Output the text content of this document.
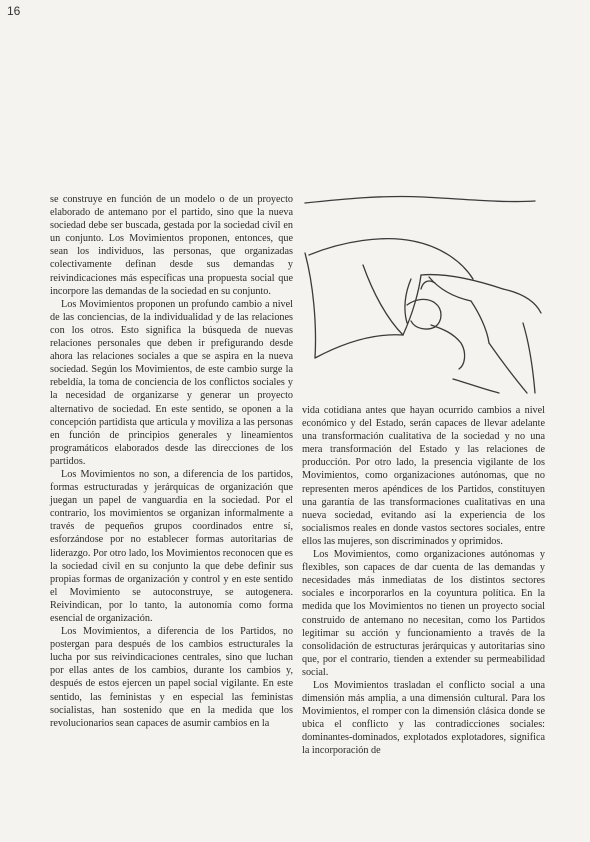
16

se construye en función de un modelo o de un proyecto elaborado de antemano por el partido, sino que la nueva sociedad debe ser buscada, gestada por la sociedad civil en un conjunto. Los Movimientos proponen, entonces, que sean los individuos, las personas, que organizadas colectivamente definan desde sus demandas y reivindicaciones más específicas una propuesta social que incorpore las demandas de la sociedad en su conjunto.

Los Movimientos proponen un profundo cambio a nivel de las conciencias, de la individualidad y de las relaciones con los otros. Esto significa la búsqueda de nuevas relaciones personales que deben ir prefigurando desde ahora las relaciones sociales a que se aspira en la nueva sociedad. Según los Movimientos, de este cambio surge la rebeldía, la toma de conciencia de los conflictos sociales y la necesidad de organizarse y generar un proyecto alternativo de sociedad. En este sentido, se oponen a la concepción partidista que articula y moviliza a las personas en función de principios generales y lineamientos programáticos elaborados desde las direcciones de los partidos.

Los Movimientos no son, a diferencia de los partidos, formas estructuradas y jerárquicas de organización que juegan un papel de vanguardia en la sociedad. Por el contrario, los movimientos se organizan informalmente a través de pequeños grupos coordinados entre sí, esforzándose por no establecer formas autoritarias de liderazgo. Por otro lado, los Movimientos reconocen que es la sociedad civil en su conjunto la que debe definir sus propias formas de organización y control y en este sentido el Movimiento se autoconstruye, se autogenera. Reivindican, por lo tanto, la autonomía como forma esencial de organización.

Los Movimientos, a diferencia de los Partidos, no postergan para después de los cambios estructurales la lucha por sus reivindicaciones centrales, sino que luchan por ellas antes de los cambios, durante los cambios y, después de estos ejercen un papel social vigilante. En este sentido, las feministas y en especial las feministas socialistas, han sostenido que en la medida que los revolucionarios sean capaces de asumir cambios en la

vida cotidiana antes que hayan ocurrido cambios a nivel económico y del Estado, serán capaces de llevar adelante una transformación cualitativa de la sociedad y no una mera transformación del Estado y las relaciones de producción. Por otro lado, la presencia vigilante de los Movimientos, como organizaciones autónomas, que no representen meros apéndices de los Partidos, constituyen una garantía de las transformaciones cualitativas en una nueva sociedad, evitando así la experiencia de los socialismos reales en donde vastos sectores sociales, entre ellos las mujeres, son discriminados y oprimidos.

Los Movimientos, como organizaciones autónomas y flexibles, son capaces de dar cuenta de las demandas y necesidades más inmediatas de los distintos sectores sociales e incorporarlos en la coyuntura política. En la medida que los Movimientos no tienen un proyecto social construido de antemano no necesitan, como los Partidos legitimar su acción y funcionamiento a través de la consolidación de estructuras jerárquicas y autoritarias sino que, por el contrario, tienden a extender su permeabilidad social.

Los Movimientos trasladan el conflicto social a una dimensión más amplia, a una dimensión cultural. Para los Movimientos, el romper con la dimensión clásica donde se ubica el conflicto y las contradicciones sociales: dominantes-dominados, explotados explotadores, significa la incorporación de
